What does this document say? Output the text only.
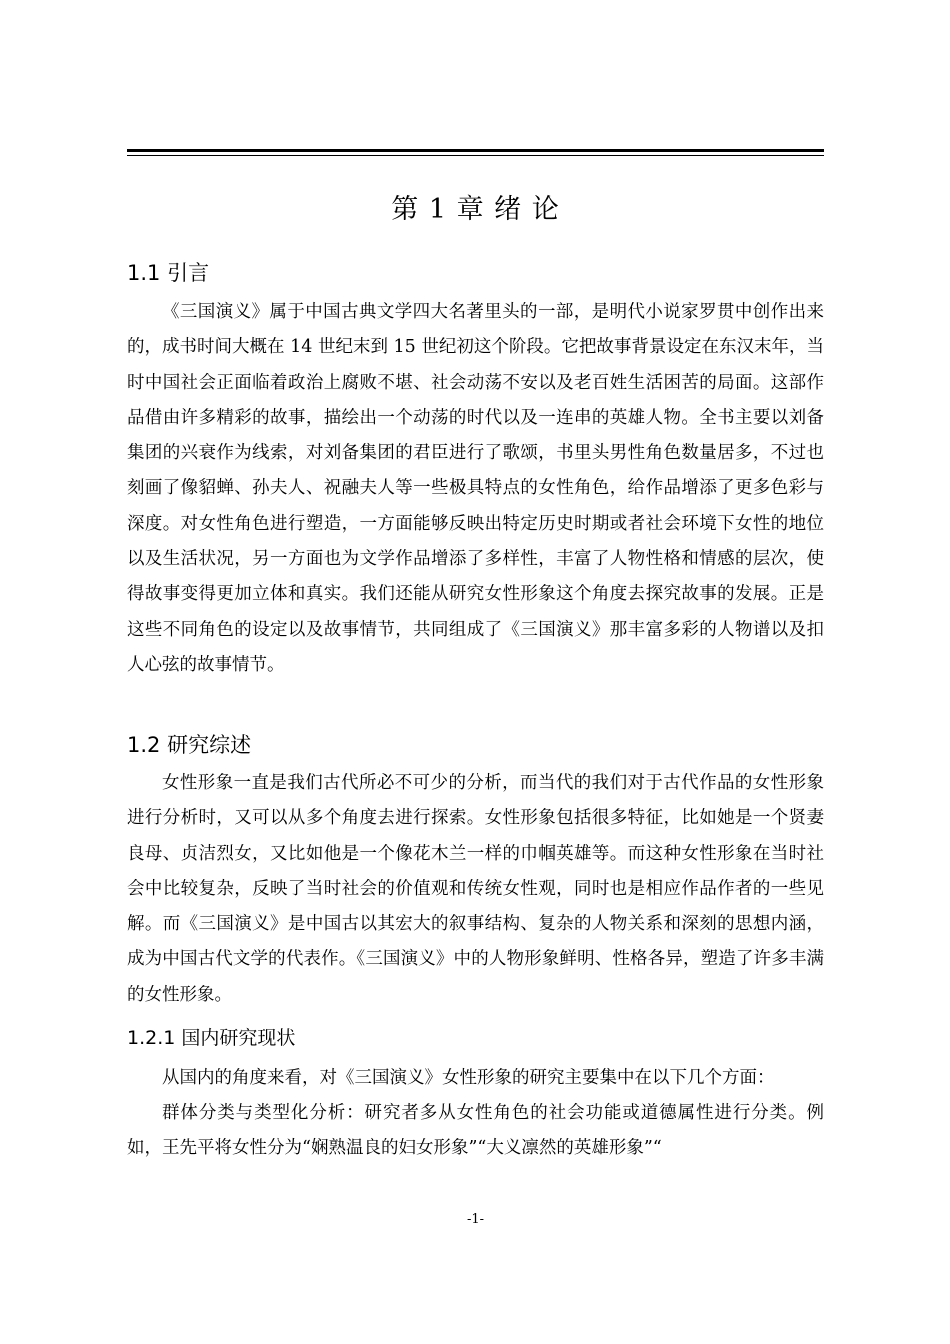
第 1 章 绪 论
1.1 引言

《三国演义》属于中国古典文学四大名著里头的一部，是明代小说家罗贯中创作出来的，成书时间大概在 14 世纪末到 15 世纪初这个阶段。它把故事背景设定在东汉末年，当时中国社会正面临着政治上腐败不堪、社会动荡不安以及老百姓生活困苦的局面。这部作品借由许多精彩的故事，描绘出一个动荡的时代以及一连串的英雄人物。全书主要以刘备集团的兴衰作为线索，对刘备集团的君臣进行了歌颂，书里头男性角色数量居多，不过也刻画了像貂蝉、孙夫人、祝融夫人等一些极具特点的女性角色，给作品增添了更多色彩与深度。对女性角色进行塑造，一方面能够反映出特定历史时期或者社会环境下女性的地位以及生活状况，另一方面也为文学作品增添了多样性，丰富了人物性格和情感的层次，使得故事变得更加立体和真实。我们还能从研究女性形象这个角度去探究故事的发展。正是这些不同角色的设定以及故事情节，共同组成了《三国演义》那丰富多彩的人物谱以及扣人心弦的故事情节。

1.2 研究综述

女性形象一直是我们古代所必不可少的分析，而当代的我们对于古代作品的女性形象进行分析时，又可以从多个角度去进行探索。女性形象包括很多特征，比如她是一个贤妻良母、贞洁烈女，又比如他是一个像花木兰一样的巾帼英雄等。而这种女性形象在当时社会中比较复杂，反映了当时社会的价值观和传统女性观，同时也是相应作品作者的一些见解。而《三国演义》是中国古以其宏大的叙事结构、复杂的人物关系和深刻的思想内涵，成为中国古代文学的代表作。《三国演义》中的人物形象鲜明、性格各异，塑造了许多丰满的女性形象。

1.2.1 国内研究现状

从国内的角度来看，对《三国演义》女性形象的研究主要集中在以下几个方面：

群体分类与类型化分析：研究者多从女性角色的社会功能或道德属性进行分类。例如，王先平将女性分为“娴熟温良的妇女形象”“大义凛然的英雄形象”“

-1-
